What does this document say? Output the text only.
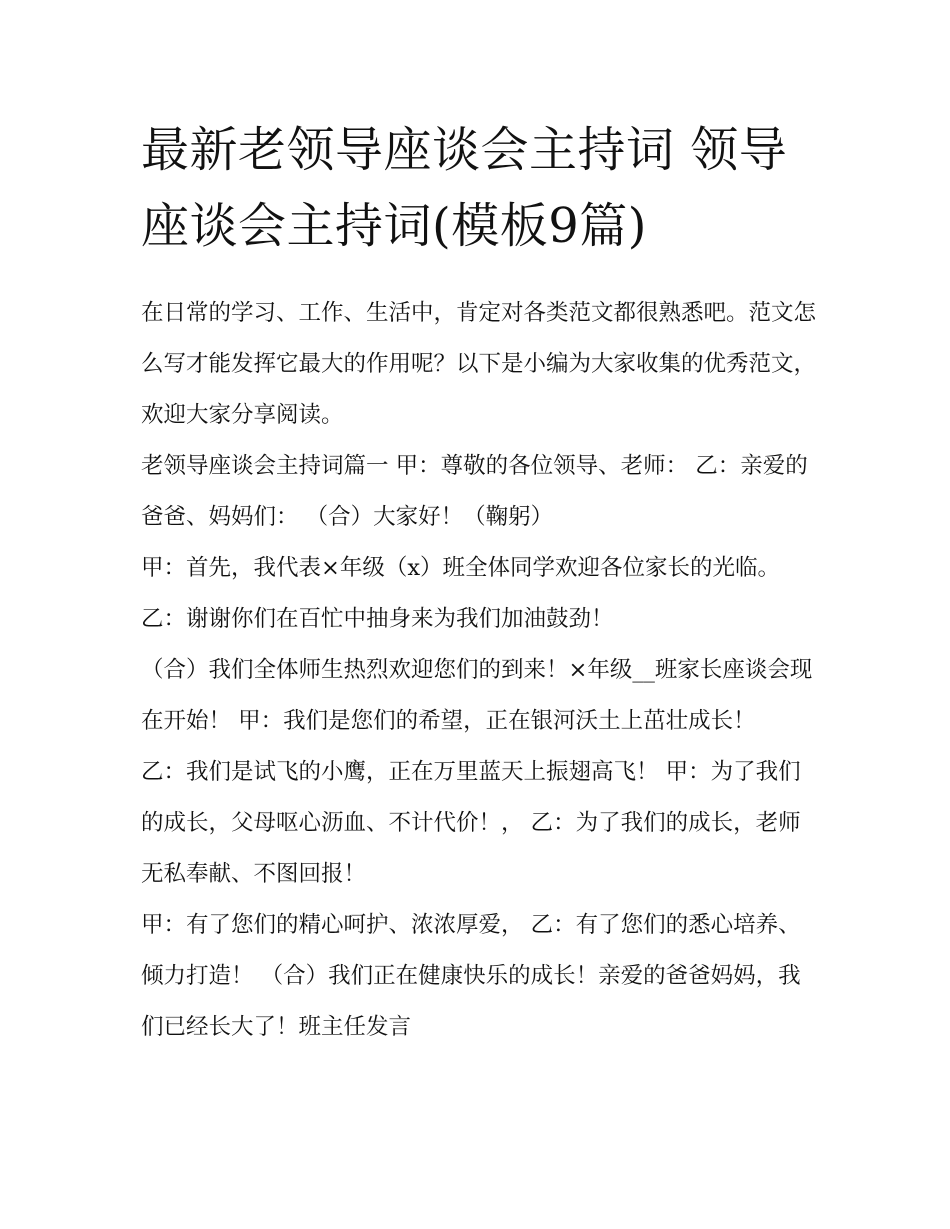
最新老领导座谈会主持词 领导座谈会主持词(模板9篇)

在日常的学习、工作、生活中，肯定对各类范文都很熟悉吧。范文怎么写才能发挥它最大的作用呢？以下是小编为大家收集的优秀范文，欢迎大家分享阅读。

老领导座谈会主持词篇一 甲：尊敬的各位领导、老师： 乙：亲爱的爸爸、妈妈们： （合）大家好！（鞠躬）

甲：首先，我代表×年级（x）班全体同学欢迎各位家长的光临。 乙：谢谢你们在百忙中抽身来为我们加油鼓劲！

（合）我们全体师生热烈欢迎您们的到来！×年级__班家长座谈会现在开始！ 甲：我们是您们的希望，正在银河沃土上茁壮成长！

乙：我们是试飞的小鹰，正在万里蓝天上振翅高飞！ 甲：为了我们的成长，父母呕心沥血、不计代价！， 乙：为了我们的成长，老师无私奉献、不图回报！

甲：有了您们的精心呵护、浓浓厚爱， 乙：有了您们的悉心培养、倾力打造！ （合）我们正在健康快乐的成长！亲爱的爸爸妈妈，我们已经长大了！班主任发言
